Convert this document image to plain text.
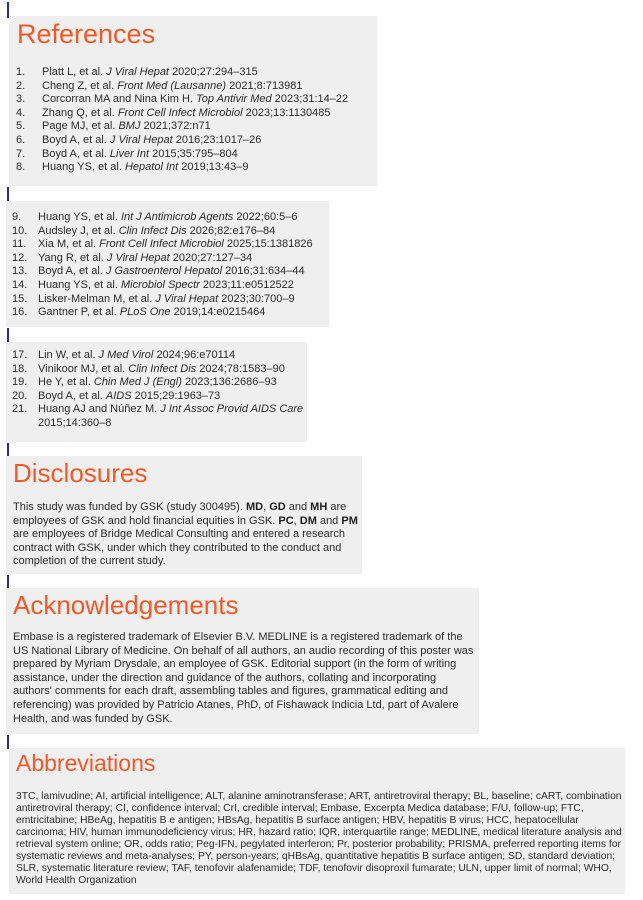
References
1. Platt L, et al. J Viral Hepat 2020;27:294–315
2. Cheng Z, et al. Front Med (Lausanne) 2021;8:713981
3. Corcorran MA and Nina Kim H. Top Antivir Med 2023;31:14–22
4. Zhang Q, et al. Front Cell Infect Microbiol 2023;13:1130485
5. Page MJ, et al. BMJ 2021;372:n71
6. Boyd A, et al. J Viral Hepat 2016;23:1017–26
7. Boyd A, et al. Liver Int 2015;35:795–804
8. Huang YS, et al. Hepatol Int 2019;13:43–9
9. Huang YS, et al. Int J Antimicrob Agents 2022;60:5–6
10. Audsley J, et al. Clin Infect Dis 2026;82:e176–84
11. Xia M, et al. Front Cell Infect Microbiol 2025;15:1381826
12. Yang R, et al. J Viral Hepat 2020;27:127–34
13. Boyd A, et al. J Gastroenterol Hepatol 2016;31:634–44
14. Huang YS, et al. Microbiol Spectr 2023;11:e0512522
15. Lisker-Melman M, et al. J Viral Hepat 2023;30:700–9
16. Gantner P, et al. PLoS One 2019;14:e0215464
17. Lin W, et al. J Med Virol 2024;96:e70114
18. Vinikoor MJ, et al. Clin Infect Dis 2024;78:1583–90
19. He Y, et al. Chin Med J (Engl) 2023;136:2686–93
20. Boyd A, et al. AIDS 2015;29:1963–73
21. Huang AJ and Núñez M. J Int Assoc Provid AIDS Care 2015;14:360–8
Disclosures

This study was funded by GSK (study 300495). MD, GD and MH are employees of GSK and hold financial equities in GSK. PC, DM and PM are employees of Bridge Medical Consulting and entered a research contract with GSK, under which they contributed to the conduct and completion of the current study.

Acknowledgements

Embase is a registered trademark of Elsevier B.V. MEDLINE is a registered trademark of the US National Library of Medicine. On behalf of all authors, an audio recording of this poster was prepared by Myriam Drysdale, an employee of GSK. Editorial support (in the form of writing assistance, under the direction and guidance of the authors, collating and incorporating authors' comments for each draft, assembling tables and figures, grammatical editing and referencing) was provided by Patricio Atanes, PhD, of Fishawack Indicia Ltd, part of Avalere Health, and was funded by GSK.

Abbreviations

3TC, lamivudine; AI, artificial intelligence; ALT, alanine aminotransferase; ART, antiretroviral therapy; BL, baseline; cART, combination antiretroviral therapy; CI, confidence interval; CrI, credible interval; Embase, Excerpta Medica database; F/U, follow-up; FTC, emtricitabine; HBeAg, hepatitis B e antigen; HBsAg, hepatitis B surface antigen; HBV, hepatitis B virus; HCC, hepatocellular carcinoma; HIV, human immunodeficiency virus; HR, hazard ratio; IQR, interquartile range; MEDLINE, medical literature analysis and retrieval system online; OR, odds ratio; Peg-IFN, pegylated interferon; Pr, posterior probability; PRISMA, preferred reporting items for systematic reviews and meta-analyses; PY, person-years; qHBsAg, quantitative hepatitis B surface antigen; SD, standard deviation; SLR, systematic literature review; TAF, tenofovir alafenamide; TDF, tenofovir disoproxil fumarate; ULN, upper limit of normal; WHO, World Health Organization
